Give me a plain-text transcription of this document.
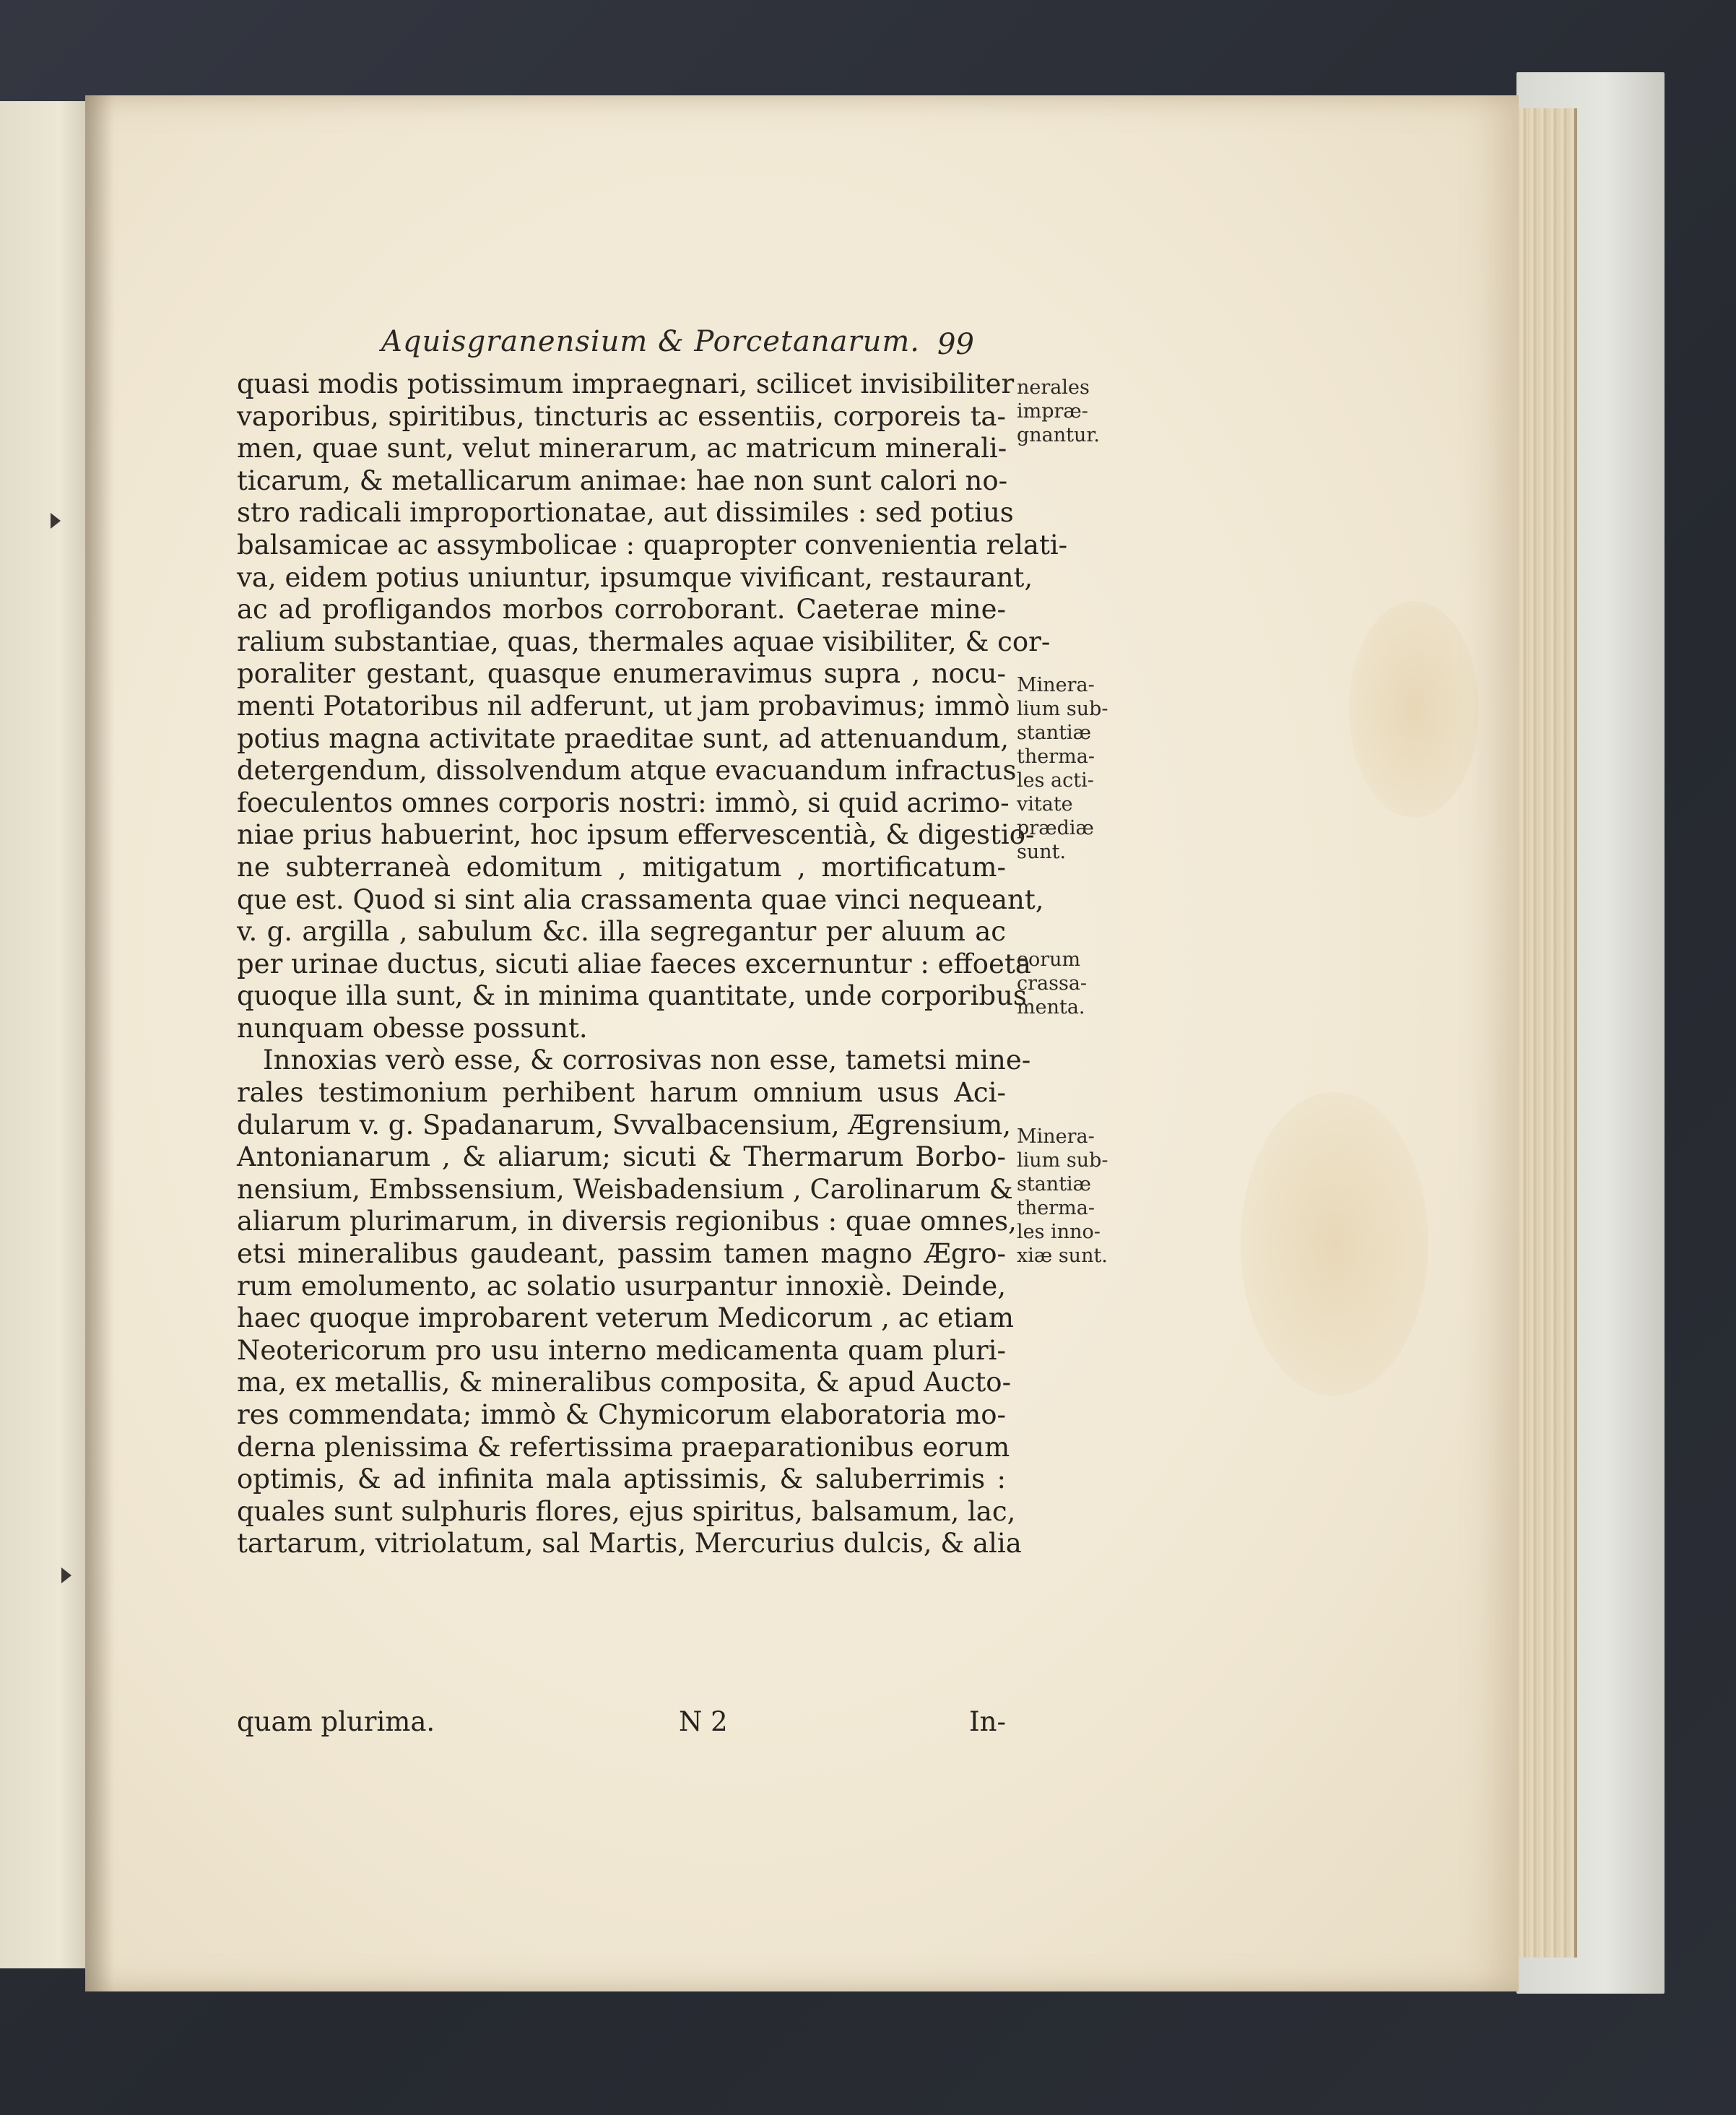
Aquisgranensium & Porcetanarum. 99
quasi modis potissimum impraegnari, scilicet invisibiliter
vaporibus, spiritibus, tincturis ac essentiis, corporeis ta-
men, quae sunt, velut minerarum, ac matricum minerali-
ticarum, & metallicarum animae: hae non sunt calori no-
stro radicali improportionatae, aut dissimiles : sed potius
balsamicae ac assymbolicae : quapropter convenientia relati-
va, eidem potius uniuntur, ipsumque vivificant, restaurant,
ac ad profligandos morbos corroborant. Caeterae mine-
ralium substantiae, quas, thermales aquae visibiliter, & cor-
poraliter gestant, quasque enumeravimus supra , nocu-
menti Potatoribus nil adferunt, ut jam probavimus; immò
potius magna activitate praeditae sunt, ad attenuandum,
detergendum, dissolvendum atque evacuandum infractus
foeculentos omnes corporis nostri: immò, si quid acrimo-
niae prius habuerint, hoc ipsum effervescentià, & digestio-
ne subterraneà edomitum , mitigatum , mortificatum-
que est. Quod si sint alia crassamenta quae vinci nequeant,
v. g. argilla , sabulum &c. illa segregantur per aluum ac
per urinae ductus, sicuti aliae faeces excernuntur : effoeta
quoque illa sunt, & in minima quantitate, unde corporibus
nunquam obesse possunt.
Innoxias verò esse, & corrosivas non esse, tametsi mine-
rales testimonium perhibent harum omnium usus Aci-
dularum v. g. Spadanarum, Svvalbacensium, Ægrensium,
Antonianarum , & aliarum; sicuti & Thermarum Borbo-
nensium, Embssensium, Weisbadensium , Carolinarum &
aliarum plurimarum, in diversis regionibus : quae omnes,
etsi mineralibus gaudeant, passim tamen magno Ægro-
rum emolumento, ac solatio usurpantur innoxiè. Deinde,
haec quoque improbarent veterum Medicorum , ac etiam
Neotericorum pro usu interno medicamenta quam pluri-
ma, ex metallis, & mineralibus composita, & apud Aucto-
res commendata; immò & Chymicorum elaboratoria mo-
derna plenissima & refertissima praeparationibus eorum
optimis, & ad infinita mala aptissimis, & saluberrimis :
quales sunt sulphuris flores, ejus spiritus, balsamum, lac,
tartarum, vitriolatum, sal Martis, Mercurius dulcis, & alia
quam plurima.	N 2	In-
nerales
impræ-
gnantur.
Minera-
lium sub-
stantiæ
therma-
les acti-
vitate
prædiæ
sunt.
eorum
crassa-
menta.
Minera-
lium sub-
stantiæ
therma-
les inno-
xiæ sunt.
